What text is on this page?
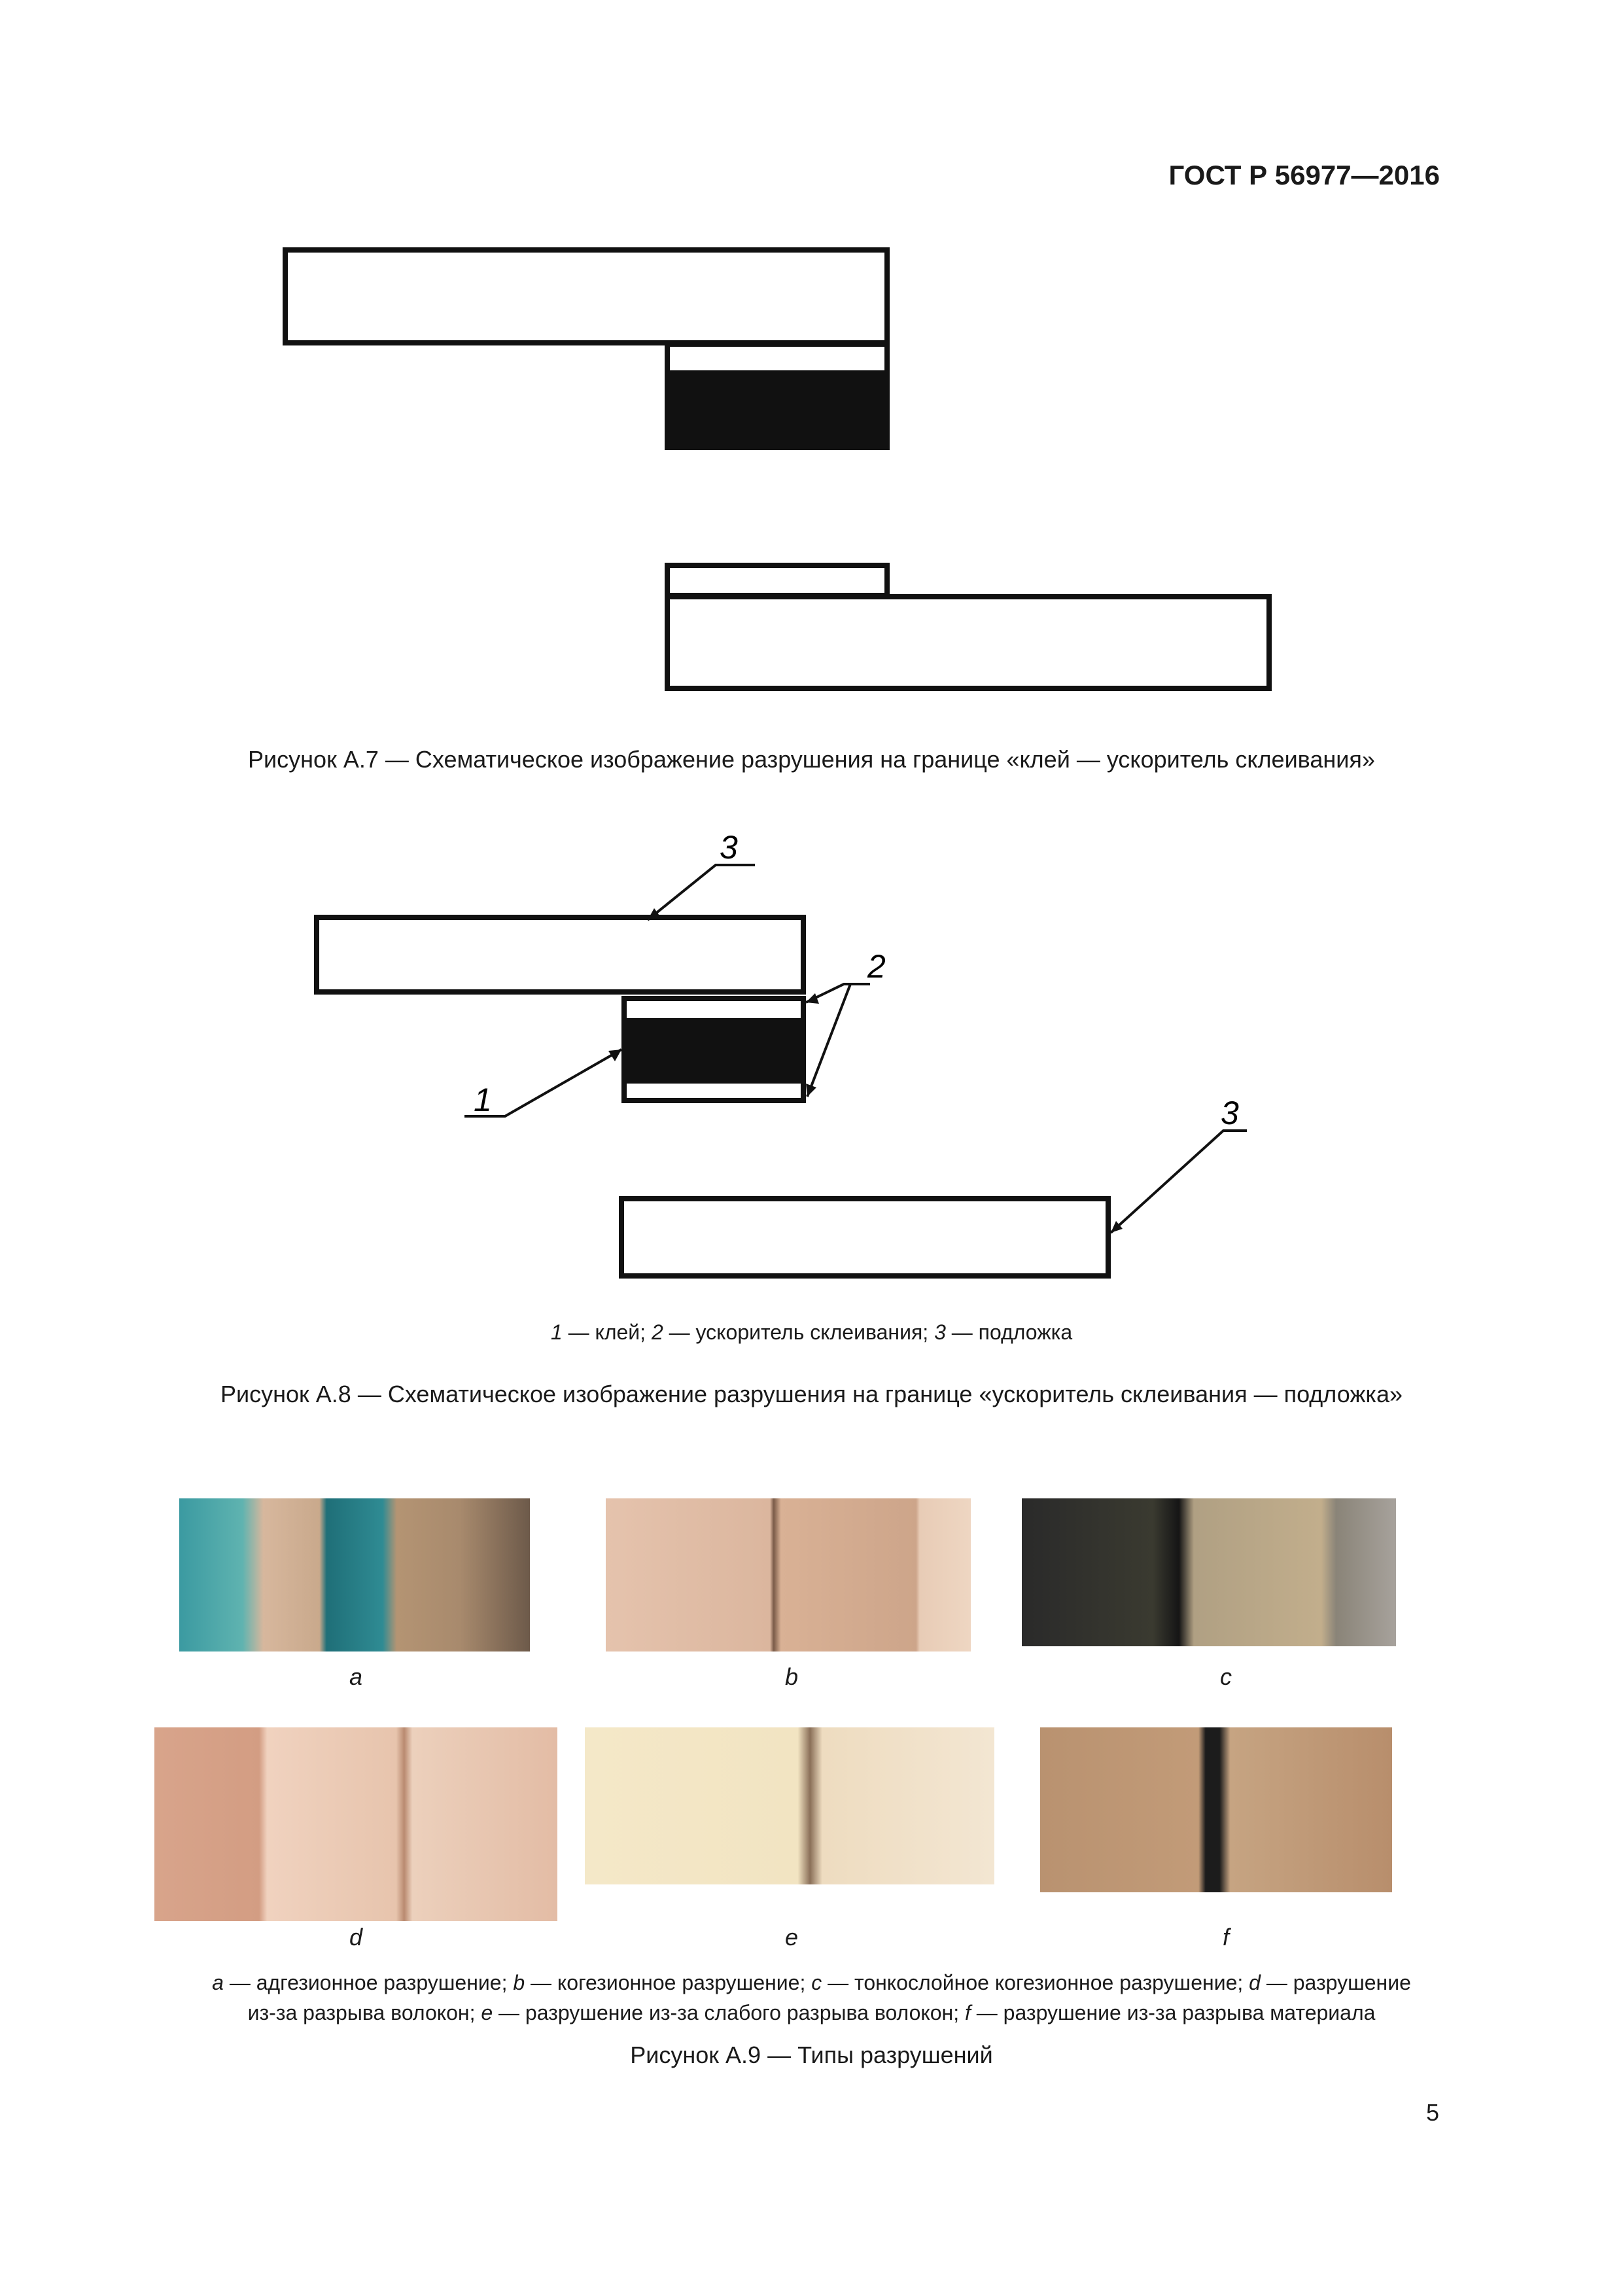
ГОСТ Р 56977—2016
Рисунок А.7 — Схематическое изображение разрушения на границе «клей — ускоритель склеивания»
1
2
3
3
1 — клей; 2 — ускоритель склеивания; 3 — подложка
Рисунок А.8 — Схематическое изображение разрушения на границе «ускоритель склеивания — подложка»
a	b	c
d	e	f
a — адгезионное разрушение; b — когезионное разрушение; c — тонкослойное когезионное разрушение; d — разрушение
из-за разрыва волокон; e — разрушение из-за слабого разрыва волокон; f — разрушение из-за разрыва материала
Рисунок А.9 — Типы разрушений
5
